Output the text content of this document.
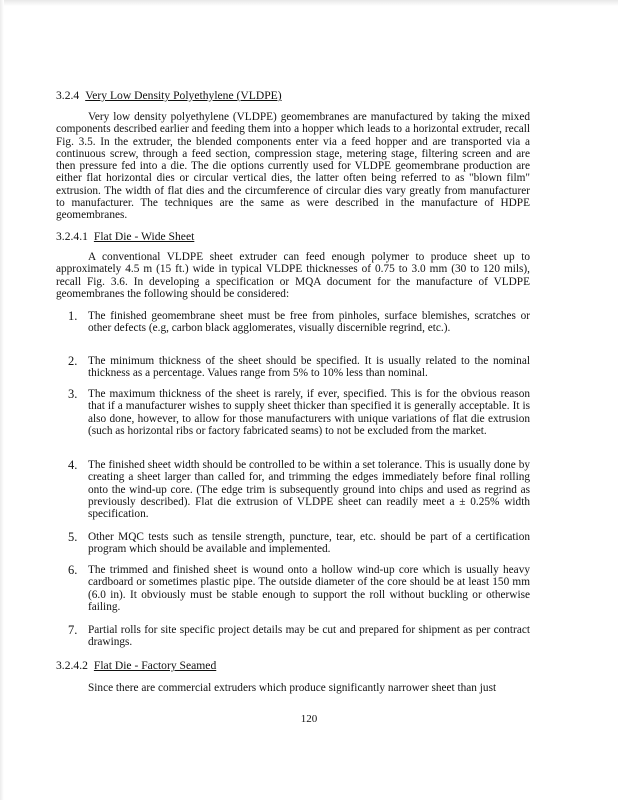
3.2.4 Very Low Density Polyethylene (VLDPE)

Very low density polyethylene (VLDPE) geomembranes are manufactured by taking the mixed components described earlier and feeding them into a hopper which leads to a horizontal extruder, recall Fig. 3.5. In the extruder, the blended components enter via a feed hopper and are transported via a continuous screw, through a feed section, compression stage, metering stage, filtering screen and are then pressure fed into a die. The die options currently used for VLDPE geomembrane production are either flat horizontal dies or circular vertical dies, the latter often being referred to as "blown film" extrusion. The width of flat dies and the circumference of circular dies vary greatly from manufacturer to manufacturer. The techniques are the same as were described in the manufacture of HDPE geomembranes.

3.2.4.1 Flat Die - Wide Sheet

A conventional VLDPE sheet extruder can feed enough polymer to produce sheet up to approximately 4.5 m (15 ft.) wide in typical VLDPE thicknesses of 0.75 to 3.0 mm (30 to 120 mils), recall Fig. 3.6. In developing a specification or MQA document for the manufacture of VLDPE geomembranes the following should be considered:

1. The finished geomembrane sheet must be free from pinholes, surface blemishes, scratches or other defects (e.g, carbon black agglomerates, visually discernible regrind, etc.).
2. The minimum thickness of the sheet should be specified. It is usually related to the nominal thickness as a percentage. Values range from 5% to 10% less than nominal.
3. The maximum thickness of the sheet is rarely, if ever, specified. This is for the obvious reason that if a manufacturer wishes to supply sheet thicker than specified it is generally acceptable. It is also done, however, to allow for those manufacturers with unique variations of flat die extrusion (such as horizontal ribs or factory fabricated seams) to not be excluded from the market.
4. The finished sheet width should be controlled to be within a set tolerance. This is usually done by creating a sheet larger than called for, and trimming the edges immediately before final rolling onto the wind-up core. (The edge trim is subsequently ground into chips and used as regrind as previously described). Flat die extrusion of VLDPE sheet can readily meet a ± 0.25% width specification.
5. Other MQC tests such as tensile strength, puncture, tear, etc. should be part of a certification program which should be available and implemented.
6. The trimmed and finished sheet is wound onto a hollow wind-up core which is usually heavy cardboard or sometimes plastic pipe. The outside diameter of the core should be at least 150 mm (6.0 in). It obviously must be stable enough to support the roll without buckling or otherwise failing.
7. Partial rolls for site specific project details may be cut and prepared for shipment as per contract drawings.
3.2.4.2 Flat Die - Factory Seamed

Since there are commercial extruders which produce significantly narrower sheet than just

120
